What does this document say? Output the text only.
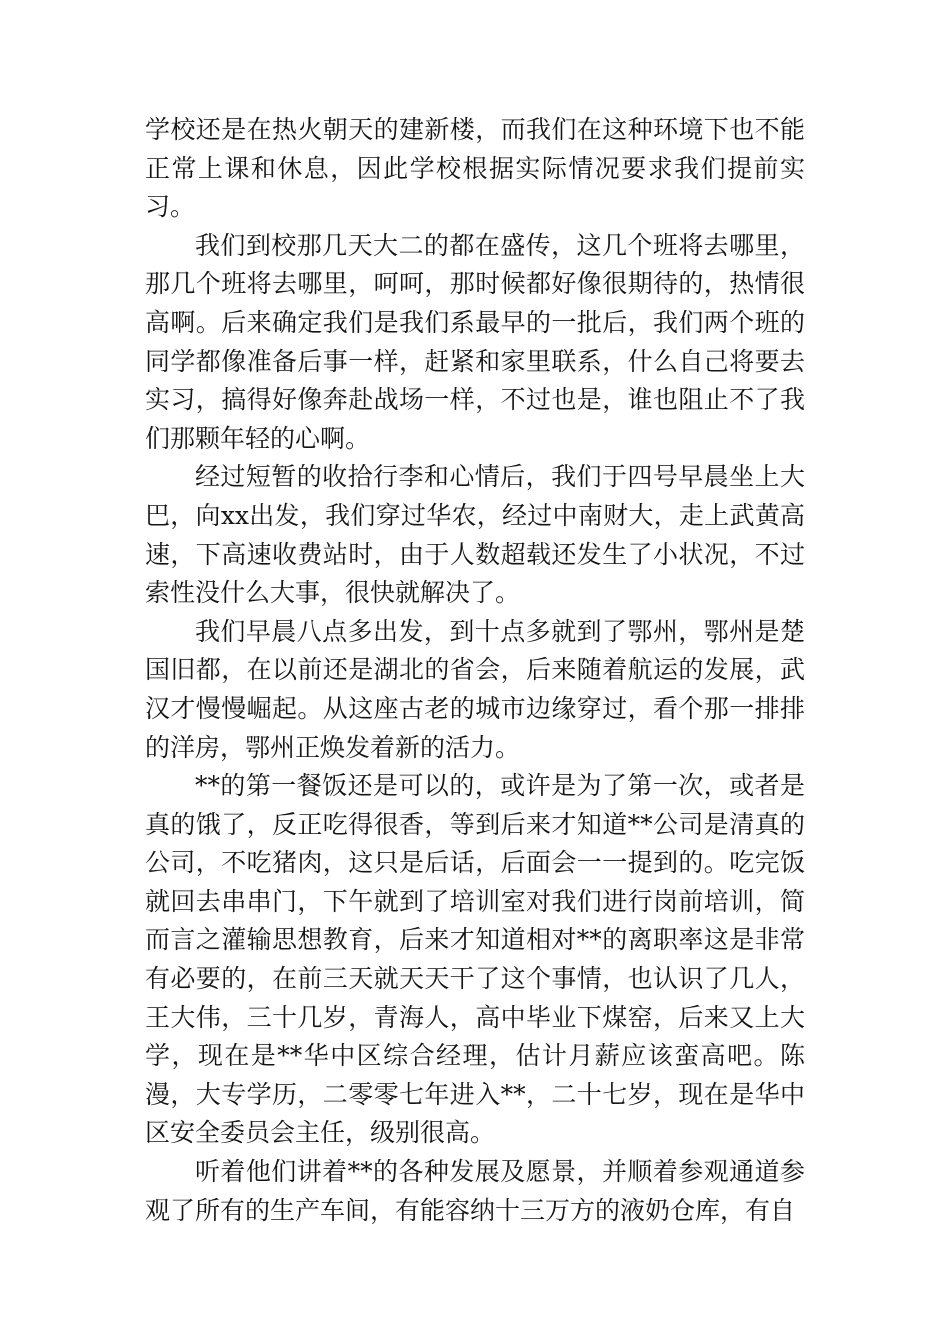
学校还是在热火朝天的建新楼，而我们在这种环境下也不能正常上课和休息，因此学校根据实际情况要求我们提前实习。

我们到校那几天大二的都在盛传，这几个班将去哪里，那几个班将去哪里，呵呵，那时候都好像很期待的，热情很高啊。后来确定我们是我们系最早的一批后，我们两个班的同学都像准备后事一样，赶紧和家里联系，什么自己将要去实习，搞得好像奔赴战场一样，不过也是，谁也阻止不了我们那颗年轻的心啊。

经过短暂的收拾行李和心情后，我们于四号早晨坐上大巴，向xx出发，我们穿过华农，经过中南财大，走上武黄高速，下高速收费站时，由于人数超载还发生了小状况，不过索性没什么大事，很快就解决了。

我们早晨八点多出发，到十点多就到了鄂州，鄂州是楚国旧都，在以前还是湖北的省会，后来随着航运的发展，武汉才慢慢崛起。从这座古老的城市边缘穿过，看个那一排排的洋房，鄂州正焕发着新的活力。

**的第一餐饭还是可以的，或许是为了第一次，或者是真的饿了，反正吃得很香，等到后来才知道**公司是清真的公司，不吃猪肉，这只是后话，后面会一一提到的。吃完饭就回去串串门，下午就到了培训室对我们进行岗前培训，简而言之灌输思想教育，后来才知道相对**的离职率这是非常有必要的，在前三天就天天干了这个事情，也认识了几人，王大伟，三十几岁，青海人，高中毕业下煤窑，后来又上大学，现在是**华中区综合经理，估计月薪应该蛮高吧。陈漫，大专学历，二零零七年进入**，二十七岁，现在是华中区安全委员会主任，级别很高。

听着他们讲着**的各种发展及愿景，并顺着参观通道参观了所有的生产车间，有能容纳十三万方的液奶仓库，有自
